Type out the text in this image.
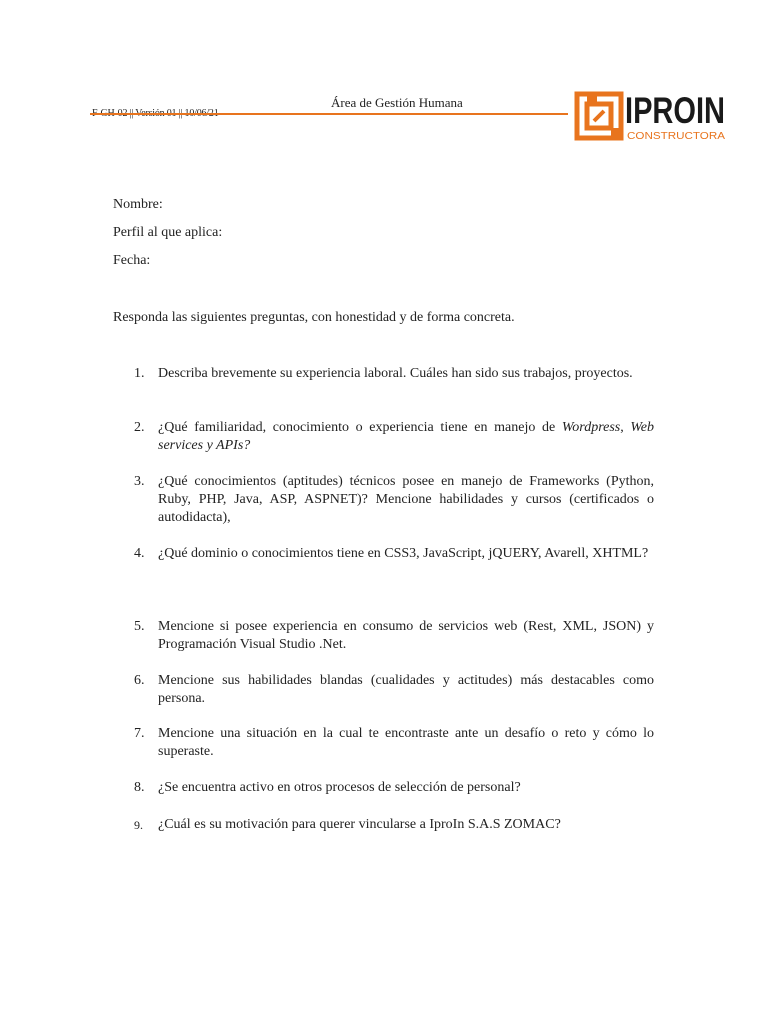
Área de Gestión Humana	IPROIN
CONSTRUCTORA
Nombre:
Perfil al que aplica:
Fecha:
Responda las siguientes preguntas, con honestidad y de forma concreta.
1. Describa brevemente su experiencia laboral. Cuáles han sido sus trabajos, proyectos.
2. ¿Qué familiaridad, conocimiento o experiencia tiene en manejo de Wordpress, Web services y APIs?
3. ¿Qué conocimientos (aptitudes) técnicos posee en manejo de Frameworks (Python, Ruby, PHP, Java, ASP, ASPNET)? Mencione habilidades y cursos (certificados o autodidacta),
4. ¿Qué dominio o conocimientos tiene en CSS3, JavaScript, jQUERY, Avarell, XHTML?
5. Mencione si posee experiencia en consumo de servicios web (Rest, XML, JSON) y Programación Visual Studio .Net.
6. Mencione sus habilidades blandas (cualidades y actitudes) más destacables como persona.
7. Mencione una situación en la cual te encontraste ante un desafío o reto y cómo lo superaste.
8. ¿Se encuentra activo en otros procesos de selección de personal?
9.	¿Cuál es su motivación para querer vincularse a IproIn S.A.S ZOMAC?
